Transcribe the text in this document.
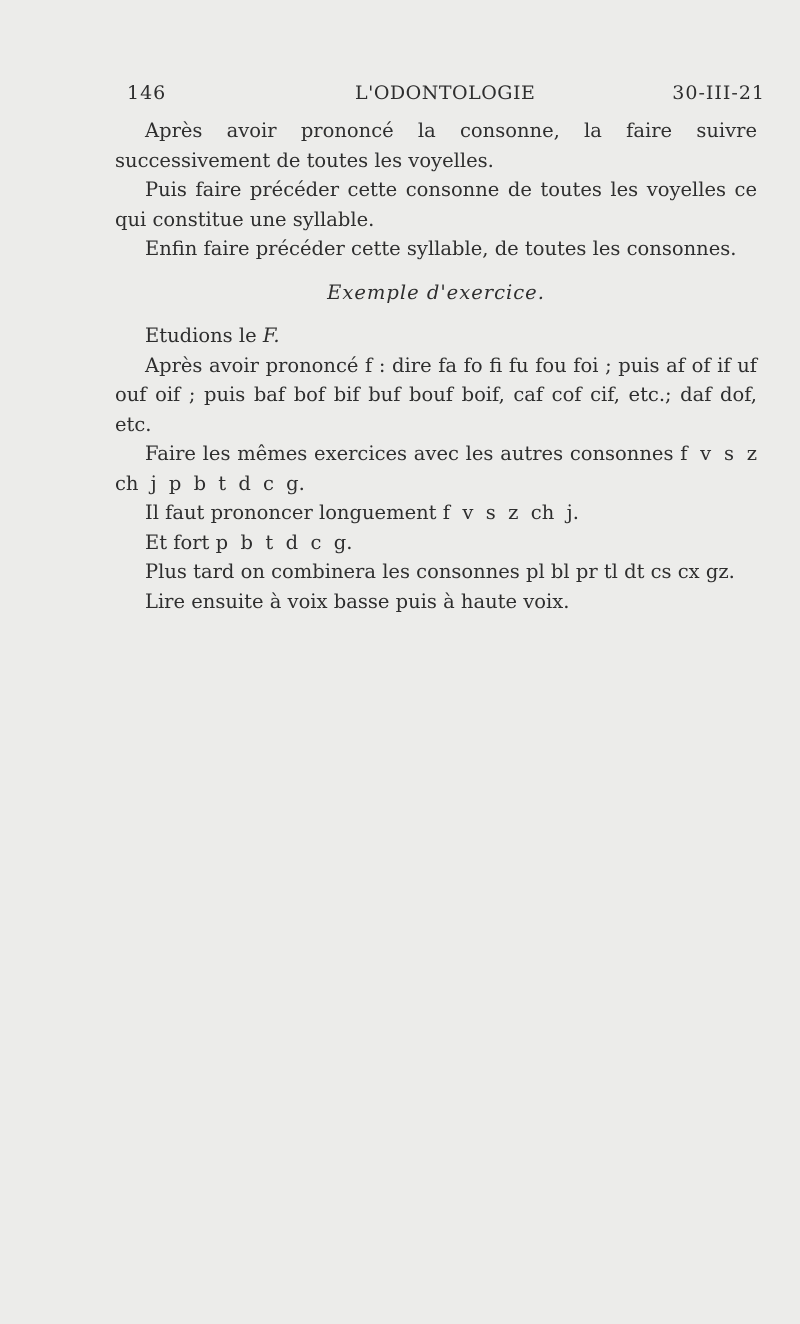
146	L'ODONTOLOGIE	30-III-21

Après avoir prononcé la consonne, la faire suivre successivement de toutes les voyelles.

Puis faire précéder cette consonne de toutes les voyelles ce qui constitue une syllable.

Enfin faire précéder cette syllable, de toutes les consonnes.

Exemple d'exercice.

Etudions le F.

Après avoir prononcé f : dire fa fo fi fu fou foi ; puis af of if uf ouf oif ; puis baf bof bif buf bouf boif, caf cof cif, etc.; daf dof, etc.

Faire les mêmes exercices avec les autres consonnes f v s z ch j p b t d c g.

Il faut prononcer longuement f  v  s  z  ch  j.

Et fort p  b  t  d  c  g.

Plus tard on combinera les consonnes pl bl pr tl dt cs cx gz.

Lire ensuite à voix basse puis à haute voix.
